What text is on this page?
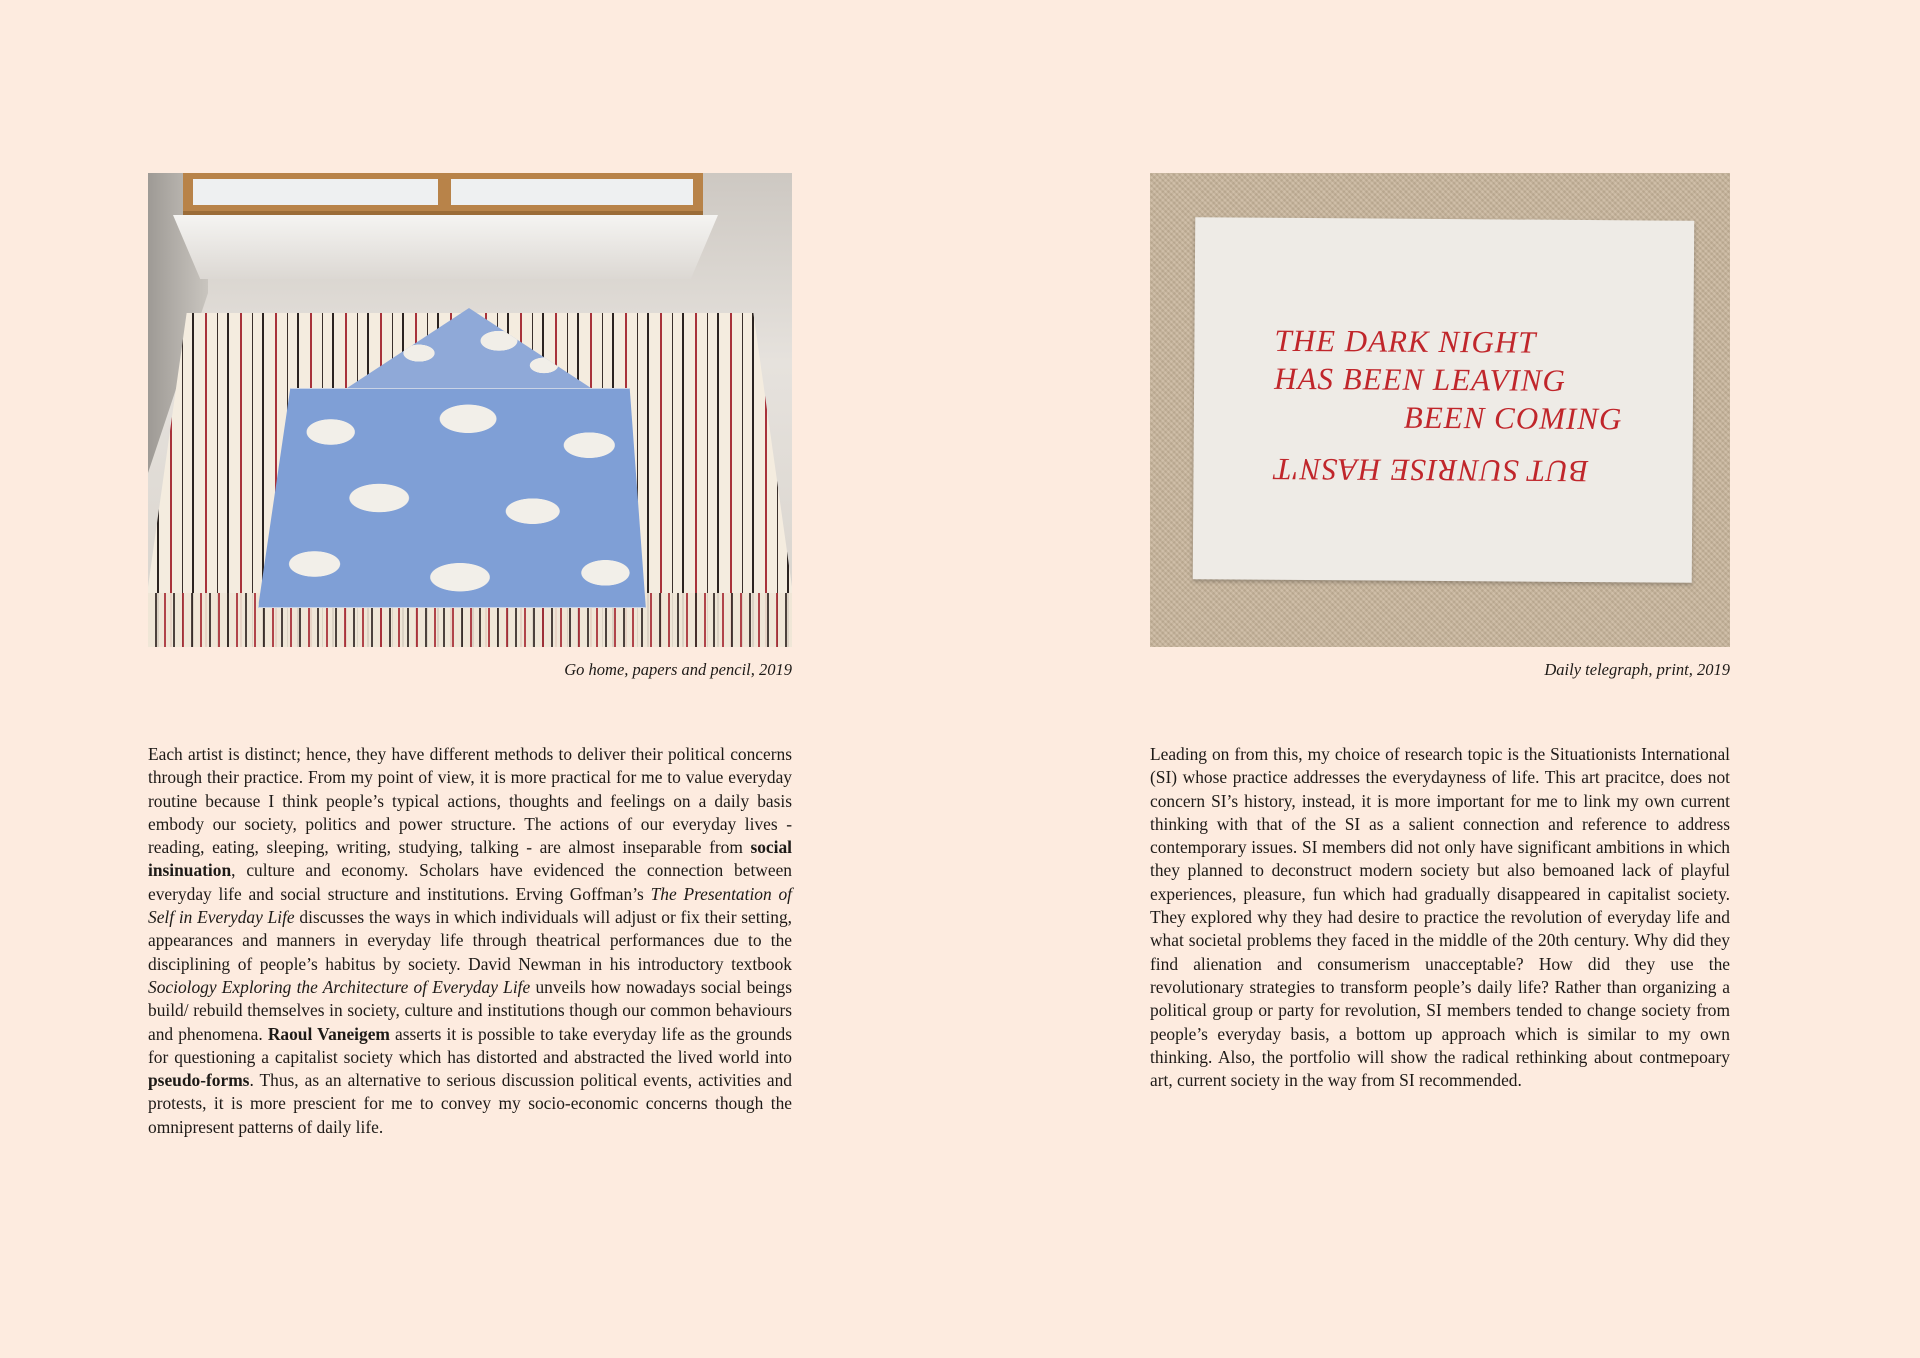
Go home, papers and pencil, 2019
Each artist is distinct; hence, they have different methods to deliver their political concerns through their practice. From my point of view, it is more practical for me to value everyday routine because I think people’s typical actions, thoughts and feelings on a daily basis embody our society, politics and power structure. The actions of our everyday lives - reading, eating, sleeping, writing, studying, talking - are almost inseparable from social insinuation, culture and economy. Scholars have evidenced the connection between everyday life and social structure and institutions. Erving Goffman’s The Presentation of Self in Everyday Life discusses the ways in which individuals will adjust or fix their setting, appearances and manners in everyday life through theatrical performances due to the disciplining of people’s habitus by society. David Newman in his introductory textbook Sociology Exploring the Architecture of Everyday Life unveils how nowadays social beings build/ rebuild themselves in society, culture and institutions though our common behaviours and phenomena. Raoul Vaneigem asserts it is possible to take everyday life as the grounds for questioning a capitalist society which has distorted and abstracted the lived world into pseudo-forms. Thus, as an alternative to serious discussion political events, activities and protests, it is more prescient for me to convey my socio-economic concerns though the omnipresent patterns of daily life.
THE DARK NIGHT
HAS BEEN LEAVING
BEEN COMING
BUT SUNRISE HASN'T
Daily telegraph, print, 2019
Leading on from this, my choice of research topic is the Situationists International (SI) whose practice addresses the everydayness of life. This art pracitce, does not concern SI’s history, instead, it is more important for me to link my own current thinking with that of the SI as a salient connection and reference to address contemporary issues. SI members did not only have significant ambitions in which they planned to deconstruct modern society but also bemoaned lack of playful experiences, pleasure, fun which had gradually disappeared in capitalist society. They explored why they had desire to practice the revolution of everyday life and what societal problems they faced in the middle of the 20th century. Why did they find alienation and consumerism unacceptable? How did they use the revolutionary strategies to transform people’s daily life? Rather than organizing a political group or party for revolution, SI members tended to change society from people’s everyday basis, a bottom up approach which is similar to my own thinking. Also, the portfolio will show the radical rethinking about contmepoary art, current society in the way from SI recommended.
